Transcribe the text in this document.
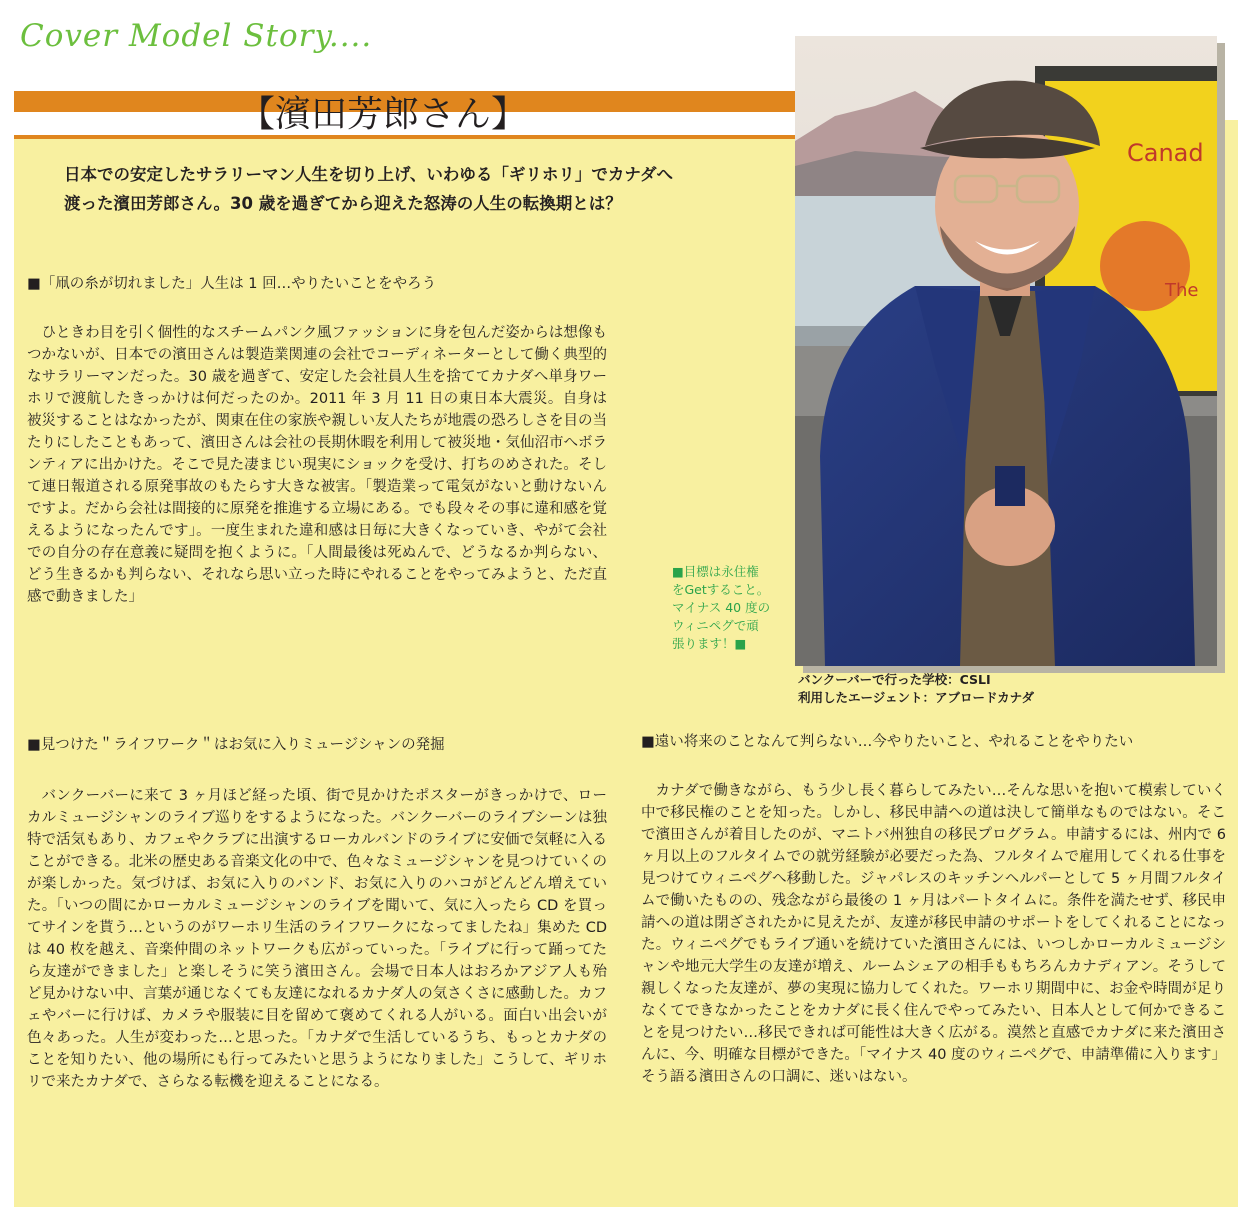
Cover Model Story....
【濱田芳郎さん】
日本での安定したサラリーマン人生を切り上げ、いわゆる「ギリホリ」でカナダへ
渡った濱田芳郎さん。30 歳を過ぎてから迎えた怒涛の人生の転換期とは？
■「凧の糸が切れました」人生は 1 回…やりたいことをやろう
ひときわ目を引く個性的なスチームパンク風ファッションに身を包んだ姿からは想像もつかないが、日本での濱田さんは製造業関連の会社でコーディネーターとして働く典型的なサラリーマンだった。30 歳を過ぎて、安定した会社員人生を捨ててカナダへ単身ワーホリで渡航したきっかけは何だったのか。2011 年 3 月 11 日の東日本大震災。自身は被災することはなかったが、関東在住の家族や親しい友人たちが地震の恐ろしさを目の当たりにしたこともあって、濱田さんは会社の長期休暇を利用して被災地・気仙沼市へボランティアに出かけた。そこで見た凄まじい現実にショックを受け、打ちのめされた。そして連日報道される原発事故のもたらす大きな被害。「製造業って電気がないと動けないんですよ。だから会社は間接的に原発を推進する立場にある。でも段々その事に違和感を覚えるようになったんです」。一度生まれた違和感は日毎に大きくなっていき、やがて会社での自分の存在意義に疑問を抱くように。「人間最後は死ぬんで、どうなるか判らない、どう生きるかも判らない、それなら思い立った時にやれることをやってみようと、ただ直感で動きました」
■見つけた＂ライフワーク＂はお気に入りミュージシャンの発掘
バンクーバーに来て 3 ヶ月ほど経った頃、街で見かけたポスターがきっかけで、ローカルミュージシャンのライブ巡りをするようになった。バンクーバーのライブシーンは独特で活気もあり、カフェやクラブに出演するローカルバンドのライブに安価で気軽に入ることができる。北米の歴史ある音楽文化の中で、色々なミュージシャンを見つけていくのが楽しかった。気づけば、お気に入りのバンド、お気に入りのハコがどんどん増えていた。「いつの間にかローカルミュージシャンのライブを聞いて、気に入ったら CD を買ってサインを貰う…というのがワーホリ生活のライフワークになってましたね」集めた CD は 40 枚を越え、音楽仲間のネットワークも広がっていった。「ライブに行って踊ってたら友達ができました」と楽しそうに笑う濱田さん。会場で日本人はおろかアジア人も殆ど見かけない中、言葉が通じなくても友達になれるカナダ人の気さくさに感動した。カフェやバーに行けば、カメラや服装に目を留めて褒めてくれる人がいる。面白い出会いが色々あった。人生が変わった…と思った。「カナダで生活しているうち、もっとカナダのことを知りたい、他の場所にも行ってみたいと思うようになりました」こうして、ギリホリで来たカナダで、さらなる転機を迎えることになる。
■遠い将来のことなんて判らない…今やりたいこと、やれることをやりたい
カナダで働きながら、もう少し長く暮らしてみたい…そんな思いを抱いて模索していく中で移民権のことを知った。しかし、移民申請への道は決して簡単なものではない。そこで濱田さんが着目したのが、マニトバ州独自の移民プログラム。申請するには、州内で 6 ヶ月以上のフルタイムでの就労経験が必要だった為、フルタイムで雇用してくれる仕事を見つけてウィニペグへ移動した。ジャパレスのキッチンヘルパーとして 5 ヶ月間フルタイムで働いたものの、残念ながら最後の 1 ヶ月はパートタイムに。条件を満たせず、移民申請への道は閉ざされたかに見えたが、友達が移民申請のサポートをしてくれることになった。ウィニペグでもライブ通いを続けていた濱田さんには、いつしかローカルミュージシャンや地元大学生の友達が増え、ルームシェアの相手ももちろんカナディアン。そうして親しくなった友達が、夢の実現に協力してくれた。ワーホリ期間中に、お金や時間が足りなくてできなかったことをカナダに長く住んでやってみたい、日本人として何かできることを見つけたい…移民できれば可能性は大きく広がる。漠然と直感でカナダに来た濱田さんに、今、明確な目標ができた。「マイナス 40 度のウィニペグで、申請準備に入ります」そう語る濱田さんの口調に、迷いはない。
■目標は永住権
をGetすること。
マイナス 40 度の
ウィニペグで頑
張ります！■
Canad
The
バンクーバーで行った学校：CSLI
利用したエージェント：アブロードカナダ
